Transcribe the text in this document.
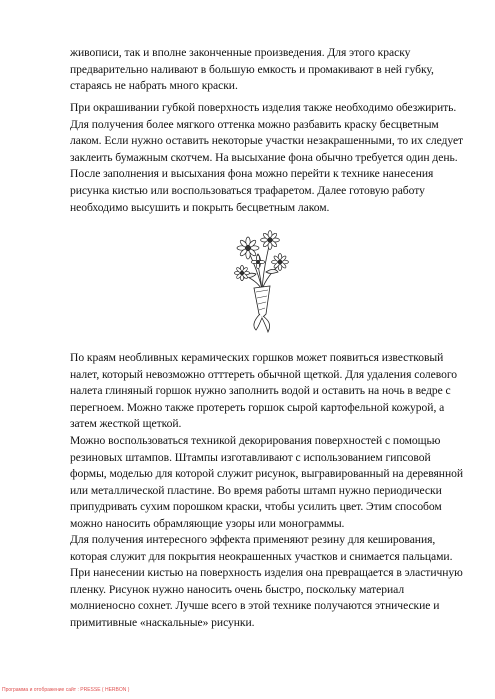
живописи, так и вполне законченные произведения. Для этого краску
предварительно наливают в большую емкость и промакивают в ней губку,
стараясь не набрать много краски.

При окрашивании губкой поверхность изделия также необходимо обезжирить.
Для получения более мягкого оттенка можно разбавить краску бесцветным
лаком. Если нужно оставить некоторые участки незакрашенными, то их следует
заклеить бумажным скотчем. На высыхание фона обычно требуется один день.
После заполнения и высыхания фона можно перейти к технике нанесения
рисунка кистью или воспользоваться трафаретом. Далее готовую работу
необходимо высушить и покрыть бесцветным лаком.

По краям необливных керамических горшков может появиться известковый
налет, который невозможно отттереть обычной щеткой. Для удаления солевого
налета глиняный горшок нужно заполнить водой и оставить на ночь в ведре с
перегноем. Можно также протереть горшок сырой картофельной кожурой, а
затем жесткой щеткой.

Можно воспользоваться техникой декорирования поверхностей с помощью
резиновых штампов. Штампы изготавливают с использованием гипсовой
формы, моделью для которой служит рисунок, выгравированный на деревянной
или металлической пластине. Во время работы штамп нужно периодически
припудривать сухим порошком краски, чтобы усилить цвет. Этим способом
можно наносить обрамляющие узоры или монограммы.

Для получения интересного эффекта применяют резину для кеширования,
которая служит для покрытия неокрашенных участков и снимается пальцами.
При нанесении кистью на поверхность изделия она превращается в эластичную
пленку. Рисунок нужно наносить очень быстро, поскольку материал
молниеносно сохнет. Лучше всего в этой технике получаются этнические и
примитивные «наскальные» рисунки.

Программа и отображение сайт : PRESSE ( HERBON )
